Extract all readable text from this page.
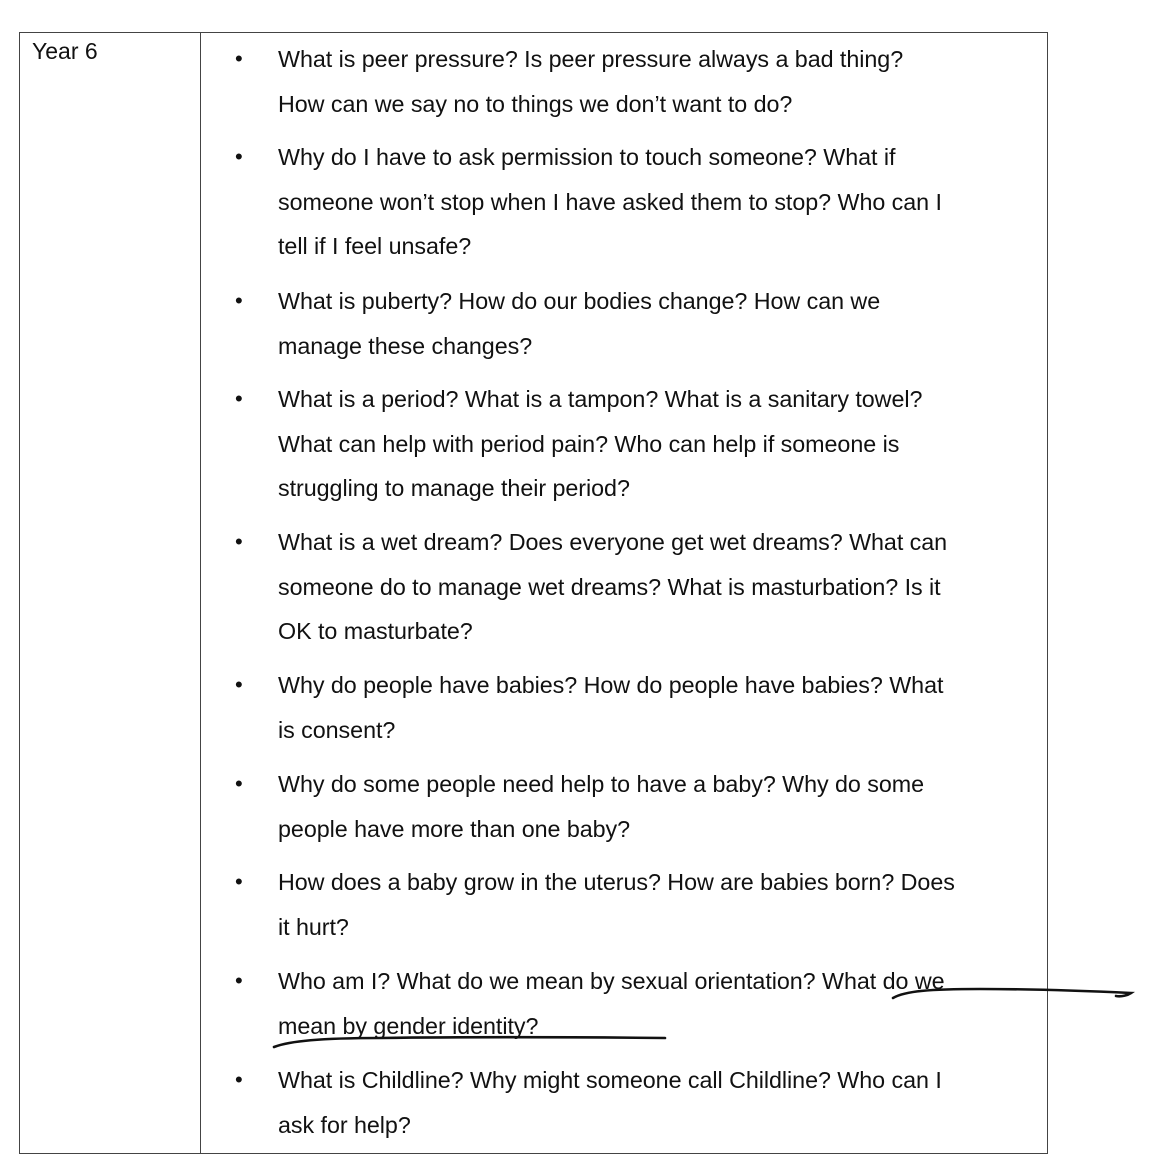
Year 6	• What is peer pressure? Is peer pressure always a bad thing?
How can we say no to things we don’t want to do?
• Why do I have to ask permission to touch someone? What if
someone won’t stop when I have asked them to stop? Who can I
tell if I feel unsafe?
• What is puberty? How do our bodies change? How can we
manage these changes?
• What is a period? What is a tampon? What is a sanitary towel?
What can help with period pain? Who can help if someone is
struggling to manage their period?
• What is a wet dream? Does everyone get wet dreams? What can
someone do to manage wet dreams? What is masturbation? Is it
OK to masturbate?
• Why do people have babies? How do people have babies? What
is consent?
• Why do some people need help to have a baby? Why do some
people have more than one baby?
• How does a baby grow in the uterus? How are babies born? Does
it hurt?
• Who am I? What do we mean by sexual orientation? What do we
mean by gender identity?
• What is Childline? Why might someone call Childline? Who can I
ask for help?
